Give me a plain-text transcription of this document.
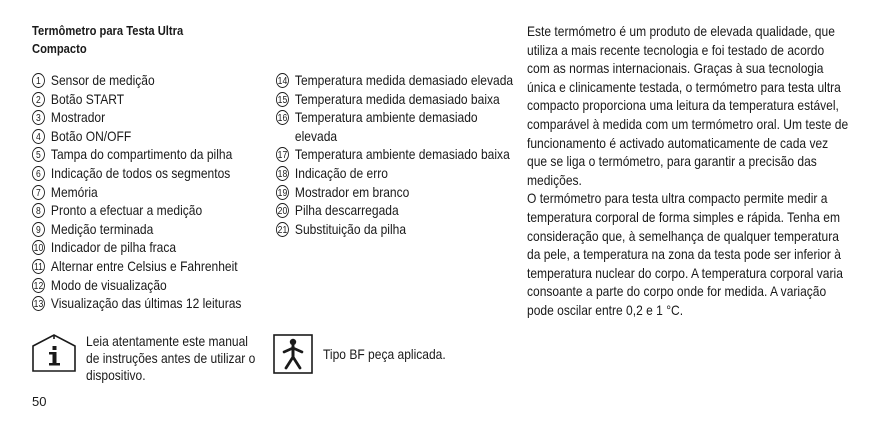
Termômetro para Testa Ultra Compacto
1 Sensor de medição
2 Botão START
3 Mostrador
4 Botão ON/OFF
5 Tampa do compartimento da pilha
6 Indicação de todos os segmentos
7 Memória
8 Pronto a efectuar a medição
9 Medição terminada
10 Indicador de pilha fraca
11 Alternar entre Celsius e Fahrenheit
12 Modo de visualização
13 Visualização das últimas 12 leituras
14 Temperatura medida demasiado elevada
15 Temperatura medida demasiado baixa
16 Temperatura ambiente demasiado elevada
17 Temperatura ambiente demasiado baixa
18 Indicação de erro
19 Mostrador em branco
20 Pilha descarregada
21 Substituição da pilha
Leia atentamente este manual de instruções antes de utilizar o dispositivo.
Tipo BF peça aplicada.

Este termómetro é um produto de elevada qualidade, que utiliza a mais recente tecnologia e foi testado de acordo com as normas internacionais. Graças à sua tecnologia única e clinicamente testada, o termómetro para testa ultra compacto proporciona uma leitura da temperatura estável, comparável à medida com um termómetro oral. Um teste de funcionamento é activado automaticamente de cada vez que se liga o termómetro, para garantir a precisão das medições.

O termómetro para testa ultra compacto permite medir a temperatura corporal de forma simples e rápida. Tenha em consideração que, à semelhança de qualquer temperatura da pele, a temperatura na zona da testa pode ser inferior à temperatura nuclear do corpo. A temperatura corporal varia consoante a parte do corpo onde for medida. A variação pode oscilar entre 0,2 e 1 °C.

50
